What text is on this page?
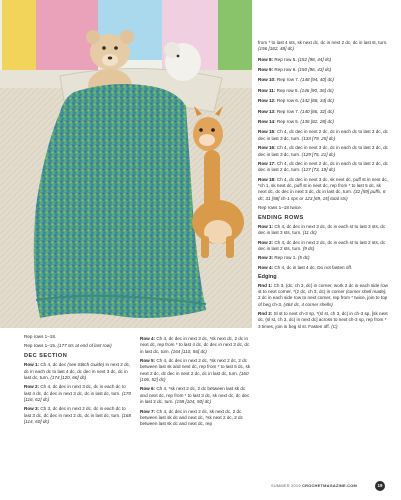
from * to last 4 sts, sk next dc, dc in next 2 dc, dc in last st, turn. (156 [182, 48] dc)

Row 8: Rep row 5. (152 [98, 44] dc)

Row 9: Rep row 6. (150 [96, 43] dc)

Row 10: Rep row 7. (148 [94, 40] dc)

Row 11: Rep row 5. (146 [90, 36] dc)

Row 12: Rep row 6. (142 [88, 34] dc)

Row 13: Rep row 7. (140 [86, 32] dc)

Row 14: Rep row 5. (136 [82, 28] dc)

Row 15: Ch 4, dc dec in next 2 dc, dc in each dc to last 3 dc, dc dec in last 3 dc, turn. (133 [79, 25] dc)

Row 16: Ch 4, dc dec in next 3 dc, dc in each dc to last 3 dc, dc dec in last 3 dc, turn. (129 [75, 21] dc)

Row 17: Ch 4, dc dec in next 2 dc, dc in each dc to last 2 dc, dc dec in last 2 dc, turn. (127 [73, 19] dc)

Row 18: Ch 4, dc dec in next 3 dc, sk next dc, puff st in next dc, *ch 1, sk next dc, puff st in next dc, rep from * to last 5 dc, sk next dc, dc dec in next 3 dc, dc in last dc, turn. (32 [59] puffs, 6 dc; 31 [58] ch-1 sps or 123 [69, 15] total sts)

Rep rows 1–18 twice.

ENDING ROWS

Row 1: Ch 4, dc dec in next 3 dc, dc in each st to last 3 sts, dc dec in last 3 sts, turn. (11 dc)

Row 2: Ch 4, dc dec in next 2 dc, dc in each st to last 2 sts, dc dec in last 2 sts, turn. (9 dc)

Row 3: Rep row 1. (5 dc)

Row 4: Ch 4, dc in last 4 dc. Do not fasten off.

Edging

Rnd 1: Ch 3, (dc, ch 3, dc) in corner, work 2 dc in each side row st to next corner, *(2 dc, ch 3, dc) in corner (corner shell made), 2 dc in each side row to next corner, rep from * twice, join to top of beg ch-3. (464 dc, 4 corner shells)

Rnd 2: Sl st to next ch-3 sp, *(sl st, ch 3, dc) in ch-3 sp, [sk next dc, (sl st, ch 3, dc) in next dc] across to next ch-3 sp, rep from * 3 times, join in beg sl st. Fasten off. (C)

Rep rows 1–18.

Rep rows 1–15. (177 sts at end of last row)

DEC SECTION

Row 1: Ch 4, dc dec (see Stitch Guide) in next 2 dc, dc in each dc to last 4 dc, dc dec in next 3 dc, dc in last dc, turn. (174 [120, 66] dc)

Row 2: Ch 4, dc dec in next 3 dc, dc in each dc to last 4 dc, dc dec in next 3 dc, dc in last dc, turn. (170 [116, 62] dc)

Row 3: Ch 3, dc dec in next 2 dc, dc in each dc to last 3 dc, dc dec in next 2 dc, dc in last dc, turn. (168 [114, 60] dc)

Row 4: Ch 4, dc dec in next 3 dc, *sk next dc, 2 dc in next dc, rep from * to last 4 dc, dc dec in next 3 dc, dc in last dc, turn. (164 [110, 56] dc)

Row 5: Ch 4, dc dec in next 2 dc, *sk next 2 dc, 2 dc between last sk and next dc, rep from * to last 5 dc, sk next 2 dc, dc dec in next 2 dc, dc in last dc, turn. (160 [106, 52] dc)

Row 6: Ch 4, *sk next 2 dc, 2 dc between last sk dc and next dc, rep from * to last 3 dc, sk next dc, dc dec in last 2 dc, turn. (158 [104, 50] dc)

Row 7: Ch 4, dc dec in next 2 dc, sk next dc, 2 dc between last sk dc and next dc, *sk next 2 dc, 2 dc between last sk dc and next dc, rep

SUMMER 2019 CROCHETMAGAZINE.COM	19
